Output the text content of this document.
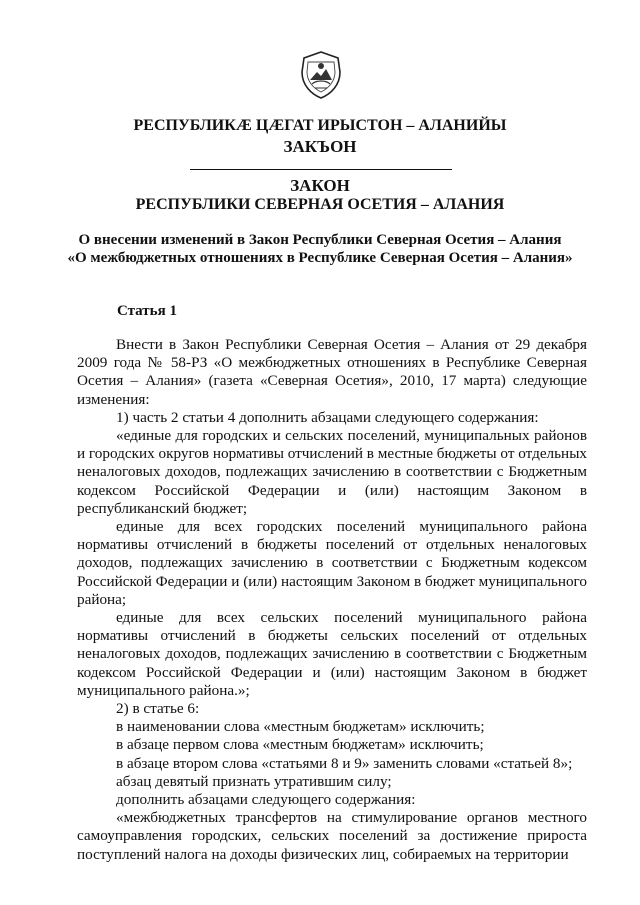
РЕСПУБЛИКӔ ЦӔГАТ ИРЫСТОН – АЛАНИЙЫ
ЗАКЪОН
ЗАКОН
РЕСПУБЛИКИ СЕВЕРНАЯ ОСЕТИЯ – АЛАНИЯ
О внесении изменений в Закон Республики Северная Осетия – Алания
«О межбюджетных отношениях в Республике Северная Осетия – Алания»
Статья 1

Внести в Закон Республики Северная Осетия – Алания от 29 декабря 2009 года № 58-РЗ «О межбюджетных отношениях в Республике Северная Осетия – Алания» (газета «Северная Осетия», 2010, 17 марта) следующие изменения:

1) часть 2 статьи 4 дополнить абзацами следующего содержания:

«единые для городских и сельских поселений, муниципальных районов и городских округов нормативы отчислений в местные бюджеты от отдельных неналоговых доходов, подлежащих зачислению в соответствии с Бюджетным кодексом Российской Федерации и (или) настоящим Законом в республиканский бюджет;

единые для всех городских поселений муниципального района нормативы отчислений в бюджеты поселений от отдельных неналоговых доходов, подлежащих зачислению в соответствии с Бюджетным кодексом Российской Федерации и (или) настоящим Законом в бюджет муниципального района;

единые для всех сельских поселений муниципального района нормативы отчислений в бюджеты сельских поселений от отдельных неналоговых доходов, подлежащих зачислению в соответствии с Бюджетным кодексом Российской Федерации и (или) настоящим Законом в бюджет муниципального района.»;

2) в статье 6:

в наименовании слова «местным бюджетам» исключить;

в абзаце первом слова «местным бюджетам» исключить;

в абзаце втором слова «статьями 8 и 9» заменить словами «статьей 8»;

абзац девятый признать утратившим силу;

дополнить абзацами следующего содержания:

«межбюджетных трансфертов на стимулирование органов местного самоуправления городских, сельских поселений за достижение прироста поступлений налога на доходы физических лиц, собираемых на территории
